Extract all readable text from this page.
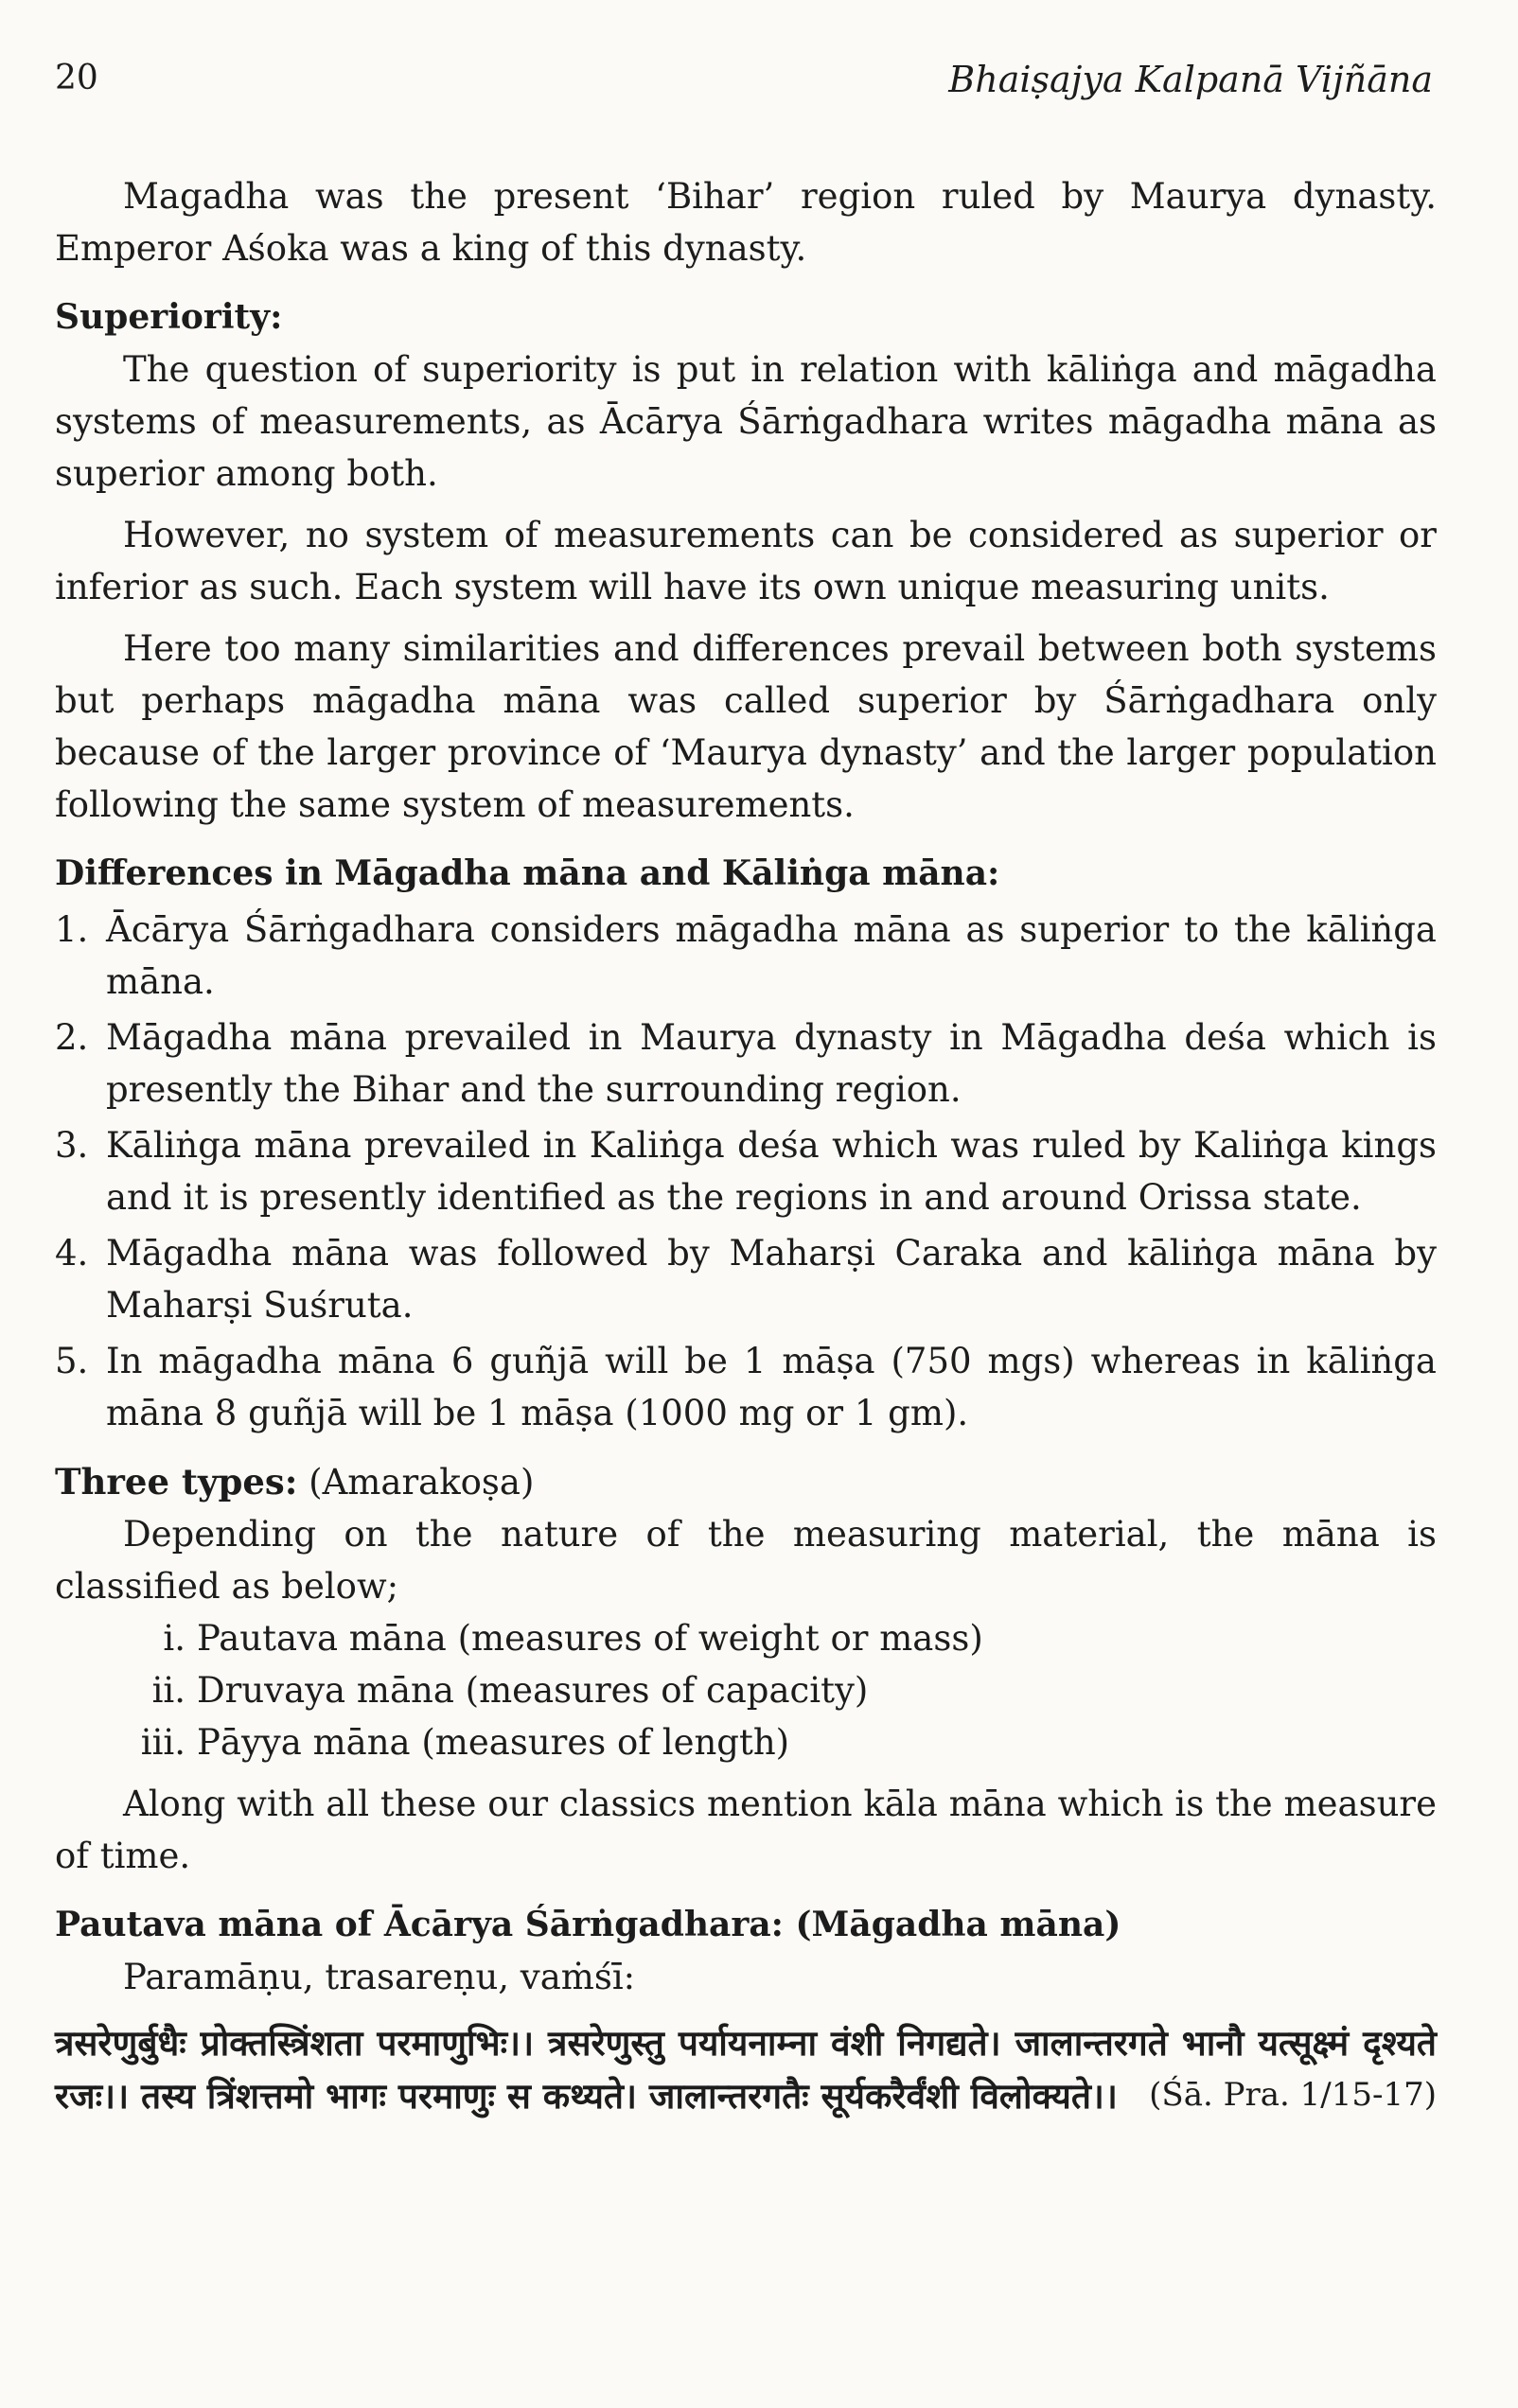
20	Bhaiṣajya Kalpanā Vijñāna

Magadha was the present ‘Bihar’ region ruled by Maurya dynasty. Emperor Aśoka was a king of this dynasty.

Superiority:

The question of superiority is put in relation with kāliṅga and māgadha systems of measurements, as Ācārya Śārṅgadhara writes māgadha māna as superior among both.

However, no system of measurements can be considered as superior or inferior as such. Each system will have its own unique measuring units.

Here too many similarities and differences prevail between both systems but perhaps māgadha māna was called superior by Śārṅgadhara only because of the larger province of ‘Maurya dynasty’ and the larger population following the same system of measurements.

Differences in Māgadha māna and Kāliṅga māna:
1. Ācārya Śārṅgadhara considers māgadha māna as superior to the kāliṅga māna.
2. Māgadha māna prevailed in Maurya dynasty in Māgadha deśa which is presently the Bihar and the surrounding region.
3. Kāliṅga māna prevailed in Kaliṅga deśa which was ruled by Kaliṅga kings and it is presently identified as the regions in and around Orissa state.
4. Māgadha māna was followed by Maharṣi Caraka and kāliṅga māna by Maharṣi Suśruta.
5. In māgadha māna 6 guñjā will be 1 māṣa (750 mgs) whereas in kāliṅga māna 8 guñjā will be 1 māṣa (1000 mg or 1 gm).

Three types: (Amarakoṣa)

Depending on the nature of the measuring material, the māna is classified as below;

i. Pautava māna (measures of weight or mass)
ii. Druvaya māna (measures of capacity)
iii. Pāyya māna (measures of length)

Along with all these our classics mention kāla māna which is the measure of time.

Pautava māna of Ācārya Śārṅgadhara: (Māgadha māna)

Paramāṇu, trasareṇu, vaṁśī:

त्रसरेणुर्बुधैः प्रोक्तस्त्रिंशता परमाणुभिः।। त्रसरेणुस्तु पर्यायनाम्ना वंशी निगद्यते। जालान्तरगते भानौ यत्सूक्ष्मं दृश्यते रजः।। तस्य त्रिंशत्तमो भागः परमाणुः स कथ्यते। जालान्तरगतैः सूर्यकरैर्वंशी विलोक्यते।। (Śā. Pra. 1/15-17)
